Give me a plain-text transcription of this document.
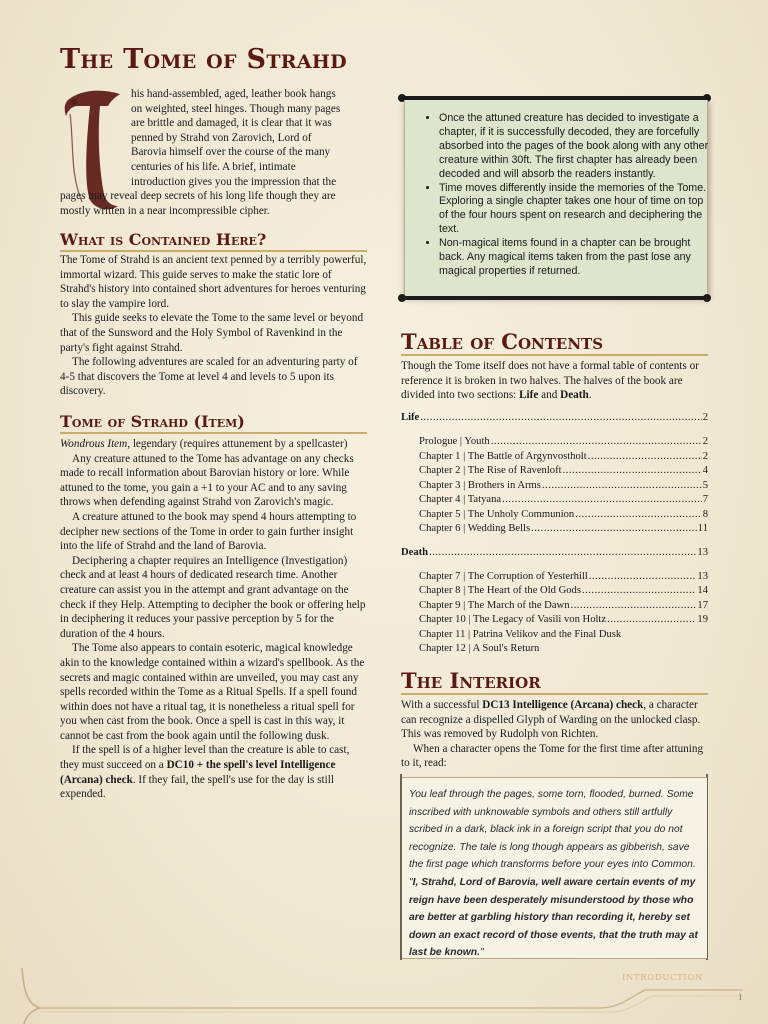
The Tome of Strahd

his hand-assembled, aged, leather book hangs

on weighted, steel hinges. Though many pages

are brittle and damaged, it is clear that it was

penned by Strahd von Zarovich, Lord of

Barovia himself over the course of the many

centuries of his life. A brief, intimate

introduction gives you the impression that the

pages may reveal deep secrets of his long life though they are

mostly written in a near incompressible cipher.

What is Contained Here?

The Tome of Strahd is an ancient text penned by a terribly powerful, immortal wizard. This guide serves to make the static lore of Strahd's history into contained short adventures for heroes venturing to slay the vampire lord.

This guide seeks to elevate the Tome to the same level or beyond that of the Sunsword and the Holy Symbol of Ravenkind in the party's fight against Strahd.

The following adventures are scaled for an adventuring party of 4-5 that discovers the Tome at level 4 and levels to 5 upon its discovery.

Tome of Strahd (Item)

Wondrous Item, legendary (requires attunement by a spellcaster)

Any creature attuned to the Tome has advantage on any checks made to recall information about Barovian history or lore. While attuned to the tome, you gain a +1 to your AC and to any saving throws when defending against Strahd von Zarovich's magic.

A creature attuned to the book may spend 4 hours attempting to decipher new sections of the Tome in order to gain further insight into the life of Strahd and the land of Barovia.

Deciphering a chapter requires an Intelligence (Investigation) check and at least 4 hours of dedicated research time. Another creature can assist you in the attempt and grant advantage on the check if they Help. Attempting to decipher the book or offering help in deciphering it reduces your passive perception by 5 for the duration of the 4 hours.

The Tome also appears to contain esoteric, magical knowledge akin to the knowledge contained within a wizard's spellbook. As the secrets and magic contained within are unveiled, you may cast any spells recorded within the Tome as a Ritual Spells. If a spell found within does not have a ritual tag, it is nonetheless a ritual spell for you when cast from the book. Once a spell is cast in this way, it cannot be cast from the book again until the following dusk.

If the spell is of a higher level than the creature is able to cast, they must succeed on a DC10 + the spell's level Intelligence (Arcana) check. If they fail, the spell's use for the day is still expended.

• Once the attuned creature has decided to investigate a chapter, if it is successfully decoded, they are forcefully absorbed into the pages of the book along with any other creature within 30ft. The first chapter has already been decoded and will absorb the readers instantly.
• Time moves differently inside the memories of the Tome. Exploring a single chapter takes one hour of time on top of the four hours spent on research and deciphering the text.
• Non-magical items found in a chapter can be brought back. Any magical items taken from the past lose any magical properties if returned.
Table of Contents

Though the Tome itself does not have a formal table of contents or reference it is broken in two halves. The halves of the book are divided into two sections: Life and Death.

Life .....	2
Prologue | Youth .....	2
Chapter 1 | The Battle of Argynvostholt .....	2
Chapter 2 | The Rise of Ravenloft .....	4
Chapter 3 | Brothers in Arms .....	5
Chapter 4 | Tatyana .....	7
Chapter 5 | The Unholy Communion .....	8
Chapter 6 | Wedding Bells .....	11
Death .....	13
Chapter 7 | The Corruption of Yesterhill .....	13
Chapter 8 | The Heart of the Old Gods .....	14
Chapter 9 | The March of the Dawn .....	17
Chapter 10 | The Legacy of Vasili von Holtz .....	19
Chapter 11 | Patrina Velikov and the Final Dusk
Chapter 12 | A Soul's Return
The Interior

With a successful DC13 Intelligence (Arcana) check, a character can recognize a dispelled Glyph of Warding on the unlocked clasp. This was removed by Rudolph von Richten.

When a character opens the Tome for the first time after attuning to it, read:

You leaf through the pages, some torn, flooded, burned. Some inscribed with unknowable symbols and others still artfully scribed in a dark, black ink in a foreign script that you do not recognize. The tale is long though appears as gibberish, save the first page which transforms before your eyes into Common. "I, Strahd, Lord of Barovia, well aware certain events of my reign have been desperately misunderstood by those who are better at garbling history than recording it, hereby set down an exact record of those events, that the truth may at last be known."
INTRODUCTION
1
